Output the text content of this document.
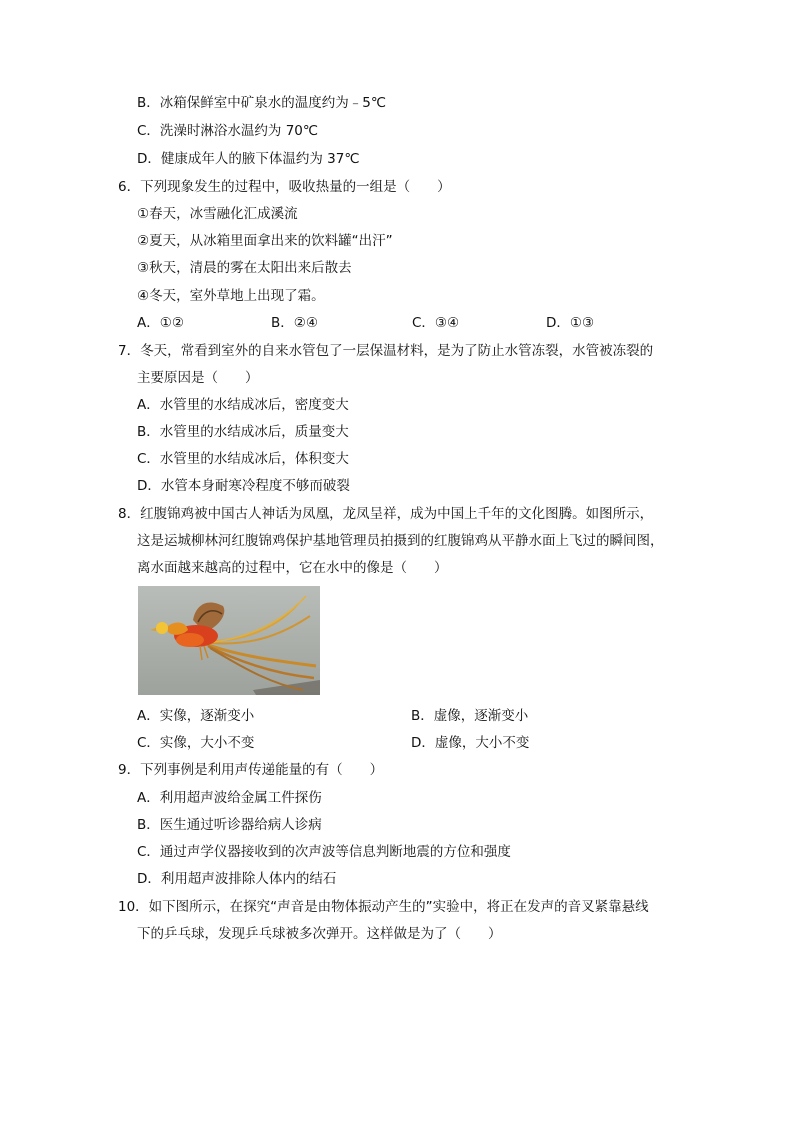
B．冰箱保鲜室中矿泉水的温度约为﹣5℃
C．洗澡时淋浴水温约为 70℃
D．健康成年人的腋下体温约为 37℃
6．下列现象发生的过程中，吸收热量的一组是（　　）
①春天，冰雪融化汇成溪流
②夏天，从冰箱里面拿出来的饮料罐“出汗”
③秋天，清晨的雾在太阳出来后散去
④冬天，室外草地上出现了霜。
A．①②	B．②④	C．③④	D．①③
7．冬天，常看到室外的自来水管包了一层保温材料，是为了防止水管冻裂，水管被冻裂的
主要原因是（　　）
A．水管里的水结成冰后，密度变大
B．水管里的水结成冰后，质量变大
C．水管里的水结成冰后，体积变大
D．水管本身耐寒冷程度不够而破裂
8．红腹锦鸡被中国古人神话为凤凰，龙凤呈祥，成为中国上千年的文化图腾。如图所示，
这是运城柳林河红腹锦鸡保护基地管理员拍摄到的红腹锦鸡从平静水面上飞过的瞬间图，
离水面越来越高的过程中，它在水中的像是（　　）
A．实像，逐渐变小	B．虚像，逐渐变小
C．实像，大小不变	D．虚像，大小不变
9．下列事例是利用声传递能量的有（　　）
A．利用超声波给金属工件探伤
B．医生通过听诊器给病人诊病
C．通过声学仪器接收到的次声波等信息判断地震的方位和强度
D．利用超声波排除人体内的结石
10．如下图所示，在探究“声音是由物体振动产生的”实验中，将正在发声的音叉紧靠悬线
下的乒乓球，发现乒乓球被多次弹开。这样做是为了（　　）
